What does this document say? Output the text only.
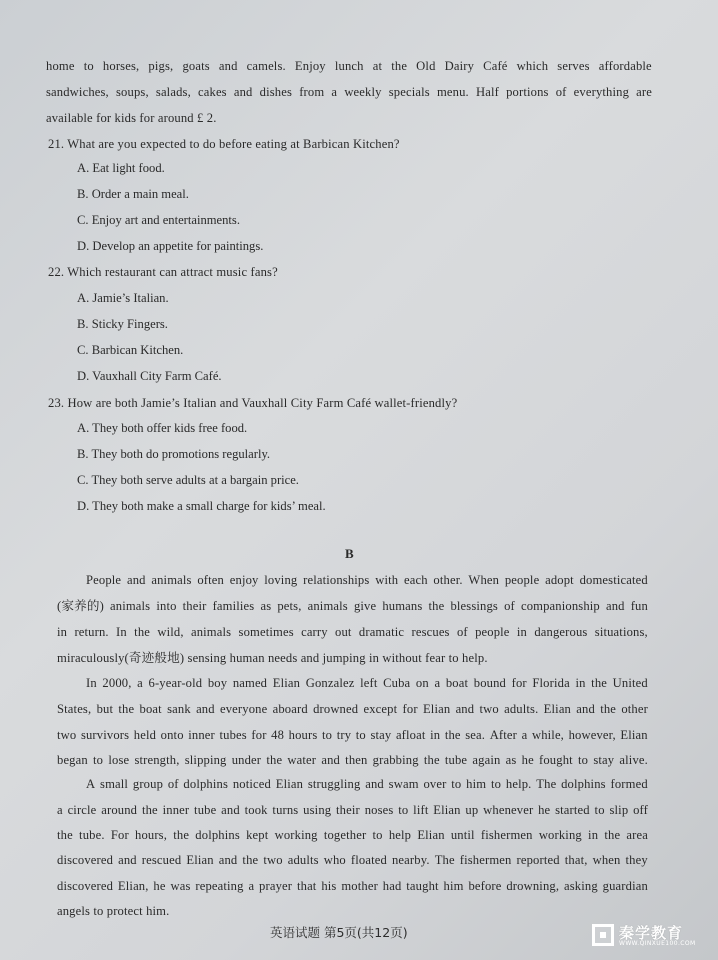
home to horses, pigs, goats and camels. Enjoy lunch at the Old Dairy Café which serves affordable
sandwiches, soups, salads, cakes and dishes from a weekly specials menu. Half portions of everything are
available for kids for around £ 2.
21. What are you expected to do before eating at Barbican Kitchen?
A. Eat light food.
B. Order a main meal.
C. Enjoy art and entertainments.
D. Develop an appetite for paintings.
22. Which restaurant can attract music fans?
A. Jamie’s Italian.
B. Sticky Fingers.
C. Barbican Kitchen.
D. Vauxhall City Farm Café.
23. How are both Jamie’s Italian and Vauxhall City Farm Café wallet-friendly?
A. They both offer kids free food.
B. They both do promotions regularly.
C. They both serve adults at a bargain price.
D. They both make a small charge for kids’ meal.
B
People and animals often enjoy loving relationships with each other. When people adopt domesticated
(家养的) animals into their families as pets, animals give humans the blessings of companionship and fun
in return. In the wild, animals sometimes carry out dramatic rescues of people in dangerous situations,
miraculously(奇迹般地) sensing human needs and jumping in without fear to help.
In 2000, a 6-year-old boy named Elian Gonzalez left Cuba on a boat bound for Florida in the United
States, but the boat sank and everyone aboard drowned except for Elian and two adults. Elian and the other
two survivors held onto inner tubes for 48 hours to try to stay afloat in the sea. After a while, however, Elian
began to lose strength, slipping under the water and then grabbing the tube again as he fought to stay alive.
A small group of dolphins noticed Elian struggling and swam over to him to help. The dolphins formed
a circle around the inner tube and took turns using their noses to lift Elian up whenever he started to slip off
the tube. For hours, the dolphins kept working together to help Elian until fishermen working in the area
discovered and rescued Elian and the two adults who floated nearby. The fishermen reported that, when they
discovered Elian, he was repeating a prayer that his mother had taught him before drowning, asking guardian
angels to protect him.
英语试题 第5页(共12页)	秦学教育
WWW.QINXUE100.COM
